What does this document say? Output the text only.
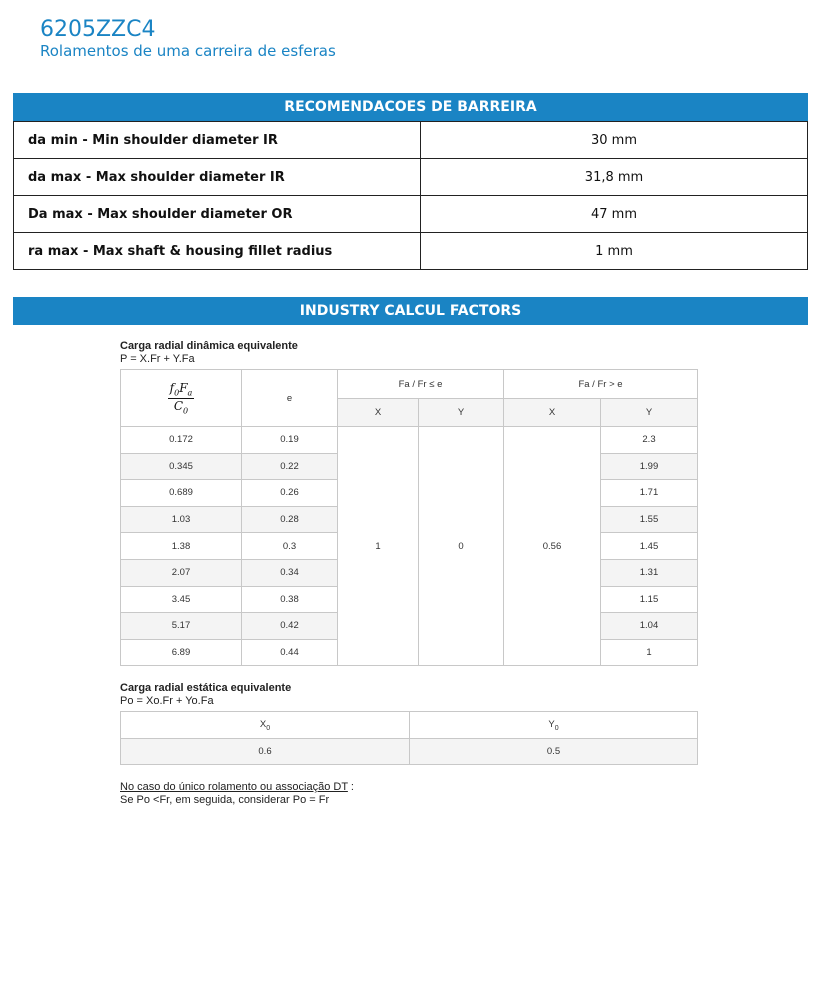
6205ZZC4
Rolamentos de uma carreira de esferas
RECOMENDACOES DE BARREIRA
da min - Min shoulder diameter IR	30 mm
da max - Max shoulder diameter IR	31,8 mm
Da max - Max shoulder diameter OR	47 mm
ra max - Max shaft & housing fillet radius	1 mm
INDUSTRY CALCUL FACTORS
Carga radial dinâmica equivalente
P = X.Fr + Y.Fa
$\frac{f_0F_a}{C_0}$	e	Fa / Fr ≤ e		Fa / Fr > e	
		X	Y	X	Y
0.172	0.19	1	0	0.56	2.3
0.345	0.22				1.99
0.689	0.26				1.71
1.03	0.28				1.55
1.38	0.3				1.45
2.07	0.34				1.31
3.45	0.38				1.15
5.17	0.42				1.04
6.89	0.44				1
Carga radial estática equivalente
Po = Xo.Fr + Yo.Fa
$X_0$	$Y_0$
0.6	0.5
No caso do único rolamento ou associação DT :
Se Po <Fr, em seguida, considerar Po = Fr
